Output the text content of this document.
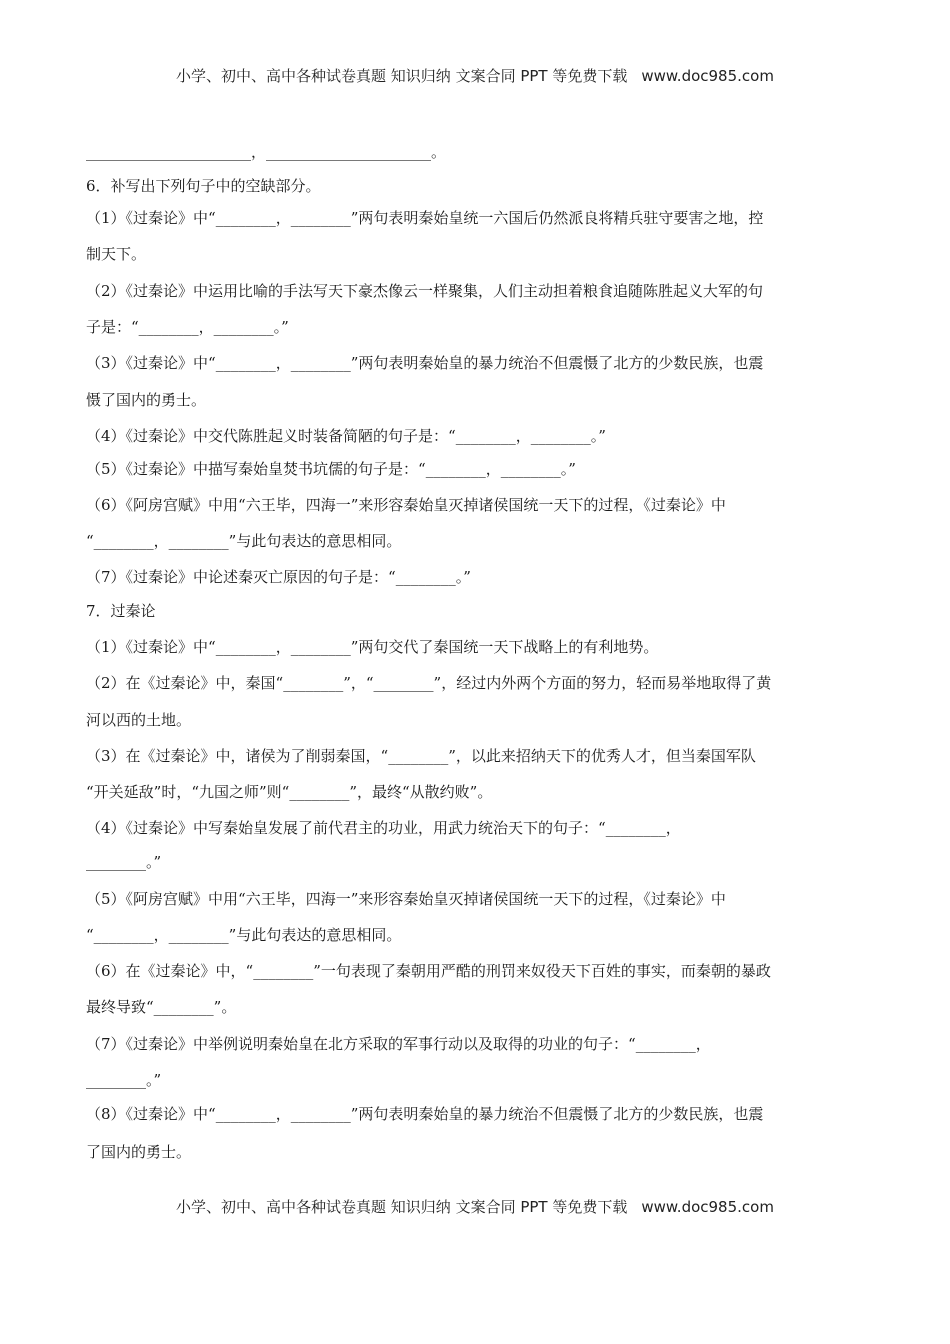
小学、初中、高中各种试卷真题 知识归纳 文案合同 PPT 等免费下载 www.doc985.com
______________________，______________________。
6．补写出下列句子中的空缺部分。
（1）《过秦论》中“________，________”两句表明秦始皇统一六国后仍然派良将精兵驻守要害之地，控
制天下。
（2）《过秦论》中运用比喻的手法写天下豪杰像云一样聚集，人们主动担着粮食追随陈胜起义大军的句
子是：“________，________。”
（3）《过秦论》中“________，________”两句表明秦始皇的暴力统治不但震慑了北方的少数民族，也震
慑了国内的勇士。
（4）《过秦论》中交代陈胜起义时装备简陋的句子是：“________，________。”
（5）《过秦论》中描写秦始皇焚书坑儒的句子是：“________，________。”
（6）《阿房宫赋》中用“六王毕，四海一”来形容秦始皇灭掉诸侯国统一天下的过程，《过秦论》中
“________，________”与此句表达的意思相同。
（7）《过秦论》中论述秦灭亡原因的句子是：“________。”
7．过秦论
（1）《过秦论》中“________，________”两句交代了秦国统一天下战略上的有利地势。
（2）在《过秦论》中，秦国“________”，“________”，经过内外两个方面的努力，轻而易举地取得了黄
河以西的土地。
（3）在《过秦论》中，诸侯为了削弱秦国，“________”，以此来招纳天下的优秀人才，但当秦国军队
“开关延敌”时，“九国之师”则“________”，最终“从散约败”。
（4）《过秦论》中写秦始皇发展了前代君主的功业，用武力统治天下的句子：“________，
________。”
（5）《阿房宫赋》中用“六王毕，四海一”来形容秦始皇灭掉诸侯国统一天下的过程，《过秦论》中
“________，________”与此句表达的意思相同。
（6）在《过秦论》中，“________”一句表现了秦朝用严酷的刑罚来奴役天下百姓的事实，而秦朝的暴政
最终导致“________”。
（7）《过秦论》中举例说明秦始皇在北方采取的军事行动以及取得的功业的句子：“________，
________。”
（8）《过秦论》中“________，________”两句表明秦始皇的暴力统治不但震慑了北方的少数民族，也震
了国内的勇士。
小学、初中、高中各种试卷真题 知识归纳 文案合同 PPT 等免费下载 www.doc985.com
